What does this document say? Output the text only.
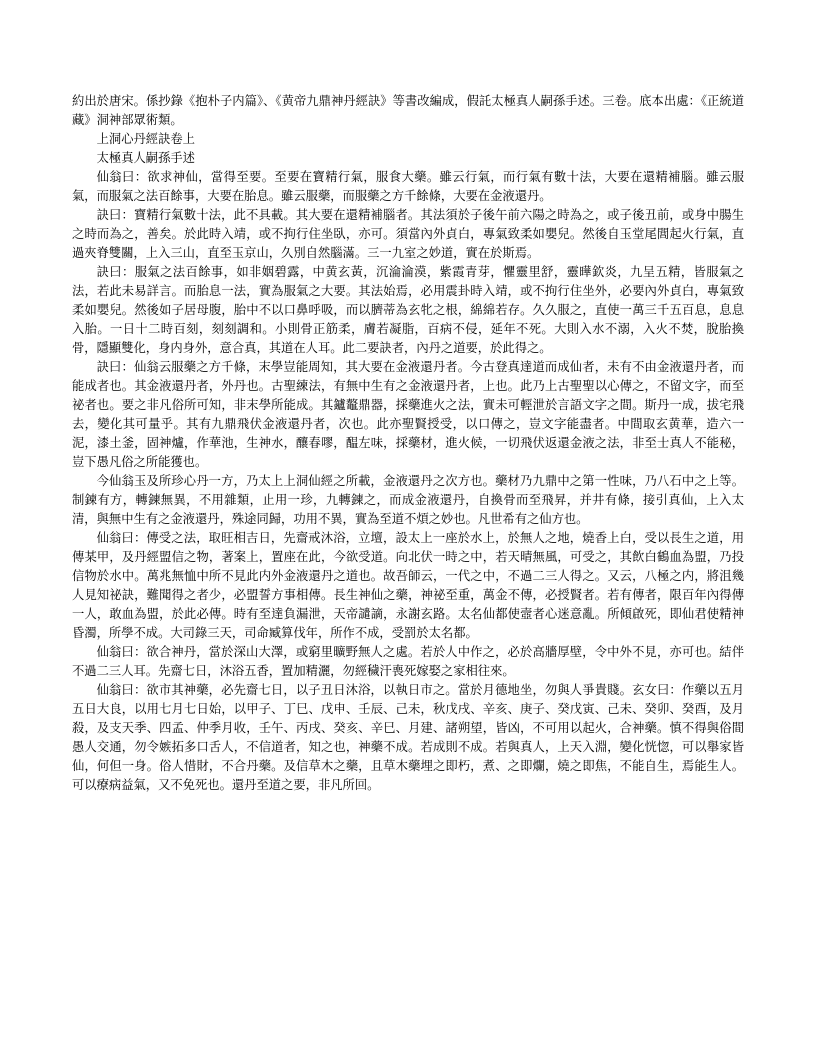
約出於唐宋。係抄錄《抱朴子内篇》、《黄帝九鼎神丹經訣》等書改編成，假託太極真人嗣孫手述。三卷。底本出處：《正統道藏》洞神部眾術類。

上洞心丹經訣卷上

太極真人嗣孫手述

仙翁曰：欲求神仙，當得至要。至要在寶精行氣，服食大藥。雖云行氣，而行氣有數十法，大要在還精補腦。雖云服氣，而服氣之法百餘事，大要在胎息。雖云服藥，而服藥之方千餘條，大要在金液還丹。

訣曰：寶精行氣數十法，此不具載。其大要在還精補腦者。其法須於子後午前六陽之時為之，或子後丑前，或身中腸生之時而為之，善矣。於此時入靖，或不拘行住坐臥，亦可。須當內外貞白，專氣致柔如嬰兒。然後自玉堂尾閭起火行氣，直過夾脊雙關，上入三山，直至玉京山，久別自然腦滿。三一九室之妙道，實在於斯焉。

訣曰：服氣之法百餘事，如非姻碧露，中黄玄黃，沉淪淪漠，紫霞青芽，懼靈里舒，靈曄欽炎，九呈五精，皆服氣之法，若此未易詳言。而胎息一法，實為服氣之大要。其法始焉，必用震卦時入靖，或不拘行住坐外，必要內外貞白，專氣致柔如嬰兒。然後如子居母腹，胎中不以口鼻呼吸，而以臍蒂為玄牝之根，綿綿若存。久久服之，直使一萬三千五百息，息息入胎。一日十二時百刻，刻刻調和。小則骨正筋柔，膚若凝脂，百病不侵，延年不死。大則入水不溺，入火不焚，脫胎換骨，隱顯雙化，身内身外，意合真，其道在人耳。此二要訣者，內丹之道要，於此得之。

訣曰：仙翁云服藥之方千條，末學豈能周知，其大要在金液還丹者。今古登真達道而成仙者，未有不由金液還丹者，而能成者也。其金液還丹者，外丹也。古聖練法，有無中生有之金液還丹者，上也。此乃上古聖聖以心傳之，不留文字，而至祕者也。要之非凡俗所可知，非末學所能成。其鑪鼇鼎器，採藥進火之法，實未可輕泄於言語文字之間。斯丹一成，拔宅飛去，變化其可量乎。其有九鼎飛伏金液還丹者，次也。此亦聖賢授受，以口傳之，豈文字能盡者。中間取玄黄華，造六一泥，漆土釜，固神爐，作華池，生神水，釀春嘐，醖左味，採藥材，進火候，一切飛伏返還金液之法，非至士真人不能秘，豈下愚凡俗之所能獲也。

今仙翁玉及所珍心丹一方，乃太上上洞仙經之所載，金液還丹之次方也。藥材乃九鼎中之第一性味，乃八石中之上等。制鍊有方，轉鍊無異，不用雜類，止用一珍，九轉鍊之，而成金液還丹，自換骨而至飛昇，并井有條，接引真仙，上入太清，與無中生有之金液還丹，殊途同歸，功用不異，實為至道不煩之妙也。凡世希有之仙方也。

仙翁曰：傳受之法，取旺相吉日，先齋戒沐浴，立壇，設太上一座於水上，於無人之地，燒香上白，受以長生之道，用傳某甲，及丹經盟信之物，著案上，置座在此，今欲受道。向北伏一時之中，若天晴無風，可受之，其飲白鶴血為盟，乃投信物於水中。萬兆無恤中所不見此内外金液還丹之道也。故吾師云，一代之中，不過二三人得之。又云，八極之内，將沮幾人見知祕訣，難聞得之者少，必盟誓方事相傳。長生神仙之藥，神祕至重，萬金不傳，必授賢者。若有傳者，限百年內得傳一人，敢血為盟，於此必傳。時有至達負漏泄，天帝譴謫，永謝玄路。太名仙都使壼者心迷意亂。所傾啟死，即仙君使精神昏濁，所學不成。大司錄三天，司命臧算伐年，所作不成，受罰於太名都。

仙翁曰：欲合神丹，當於深山大澤，或窮里曠野無人之處。若於人中作之，必於高牆厚壁，令中外不見，亦可也。結伴不過二三人耳。先齋七日，沐浴五香，置加精灑，勿經穢汗喪死嫁娶之家相往來。

仙翁曰：欲市其神藥，必先齋七日，以子丑日沐浴，以執日市之。當於月德地坐，勿與人爭貴賤。玄女曰：作藥以五月五日大良，以用七月七日始，以甲子、丁巳、戊申、壬辰、己未，秋戊戌、辛亥、庚子、癸戊寅、己未、癸卯、癸酉，及月殺，及支天季、四孟、仲季月收，壬午、丙戌、癸亥、辛巳、月建、諸朔望，皆凶，不可用以起火，合神藥。慎不得與俗間愚人交通，勿令嫉拓多口舌人，不信道者，知之也，神藥不成。若成則不成。若與真人，上天入淵，變化恍惚，可以舉家皆仙，何但一身。俗人惜財，不合丹藥。及信草木之藥，且草木藥埋之即朽，煮、之即爛，燒之即焦，不能自生，焉能生人。可以療病益氣，又不免死也。還丹至道之要，非凡所回。
